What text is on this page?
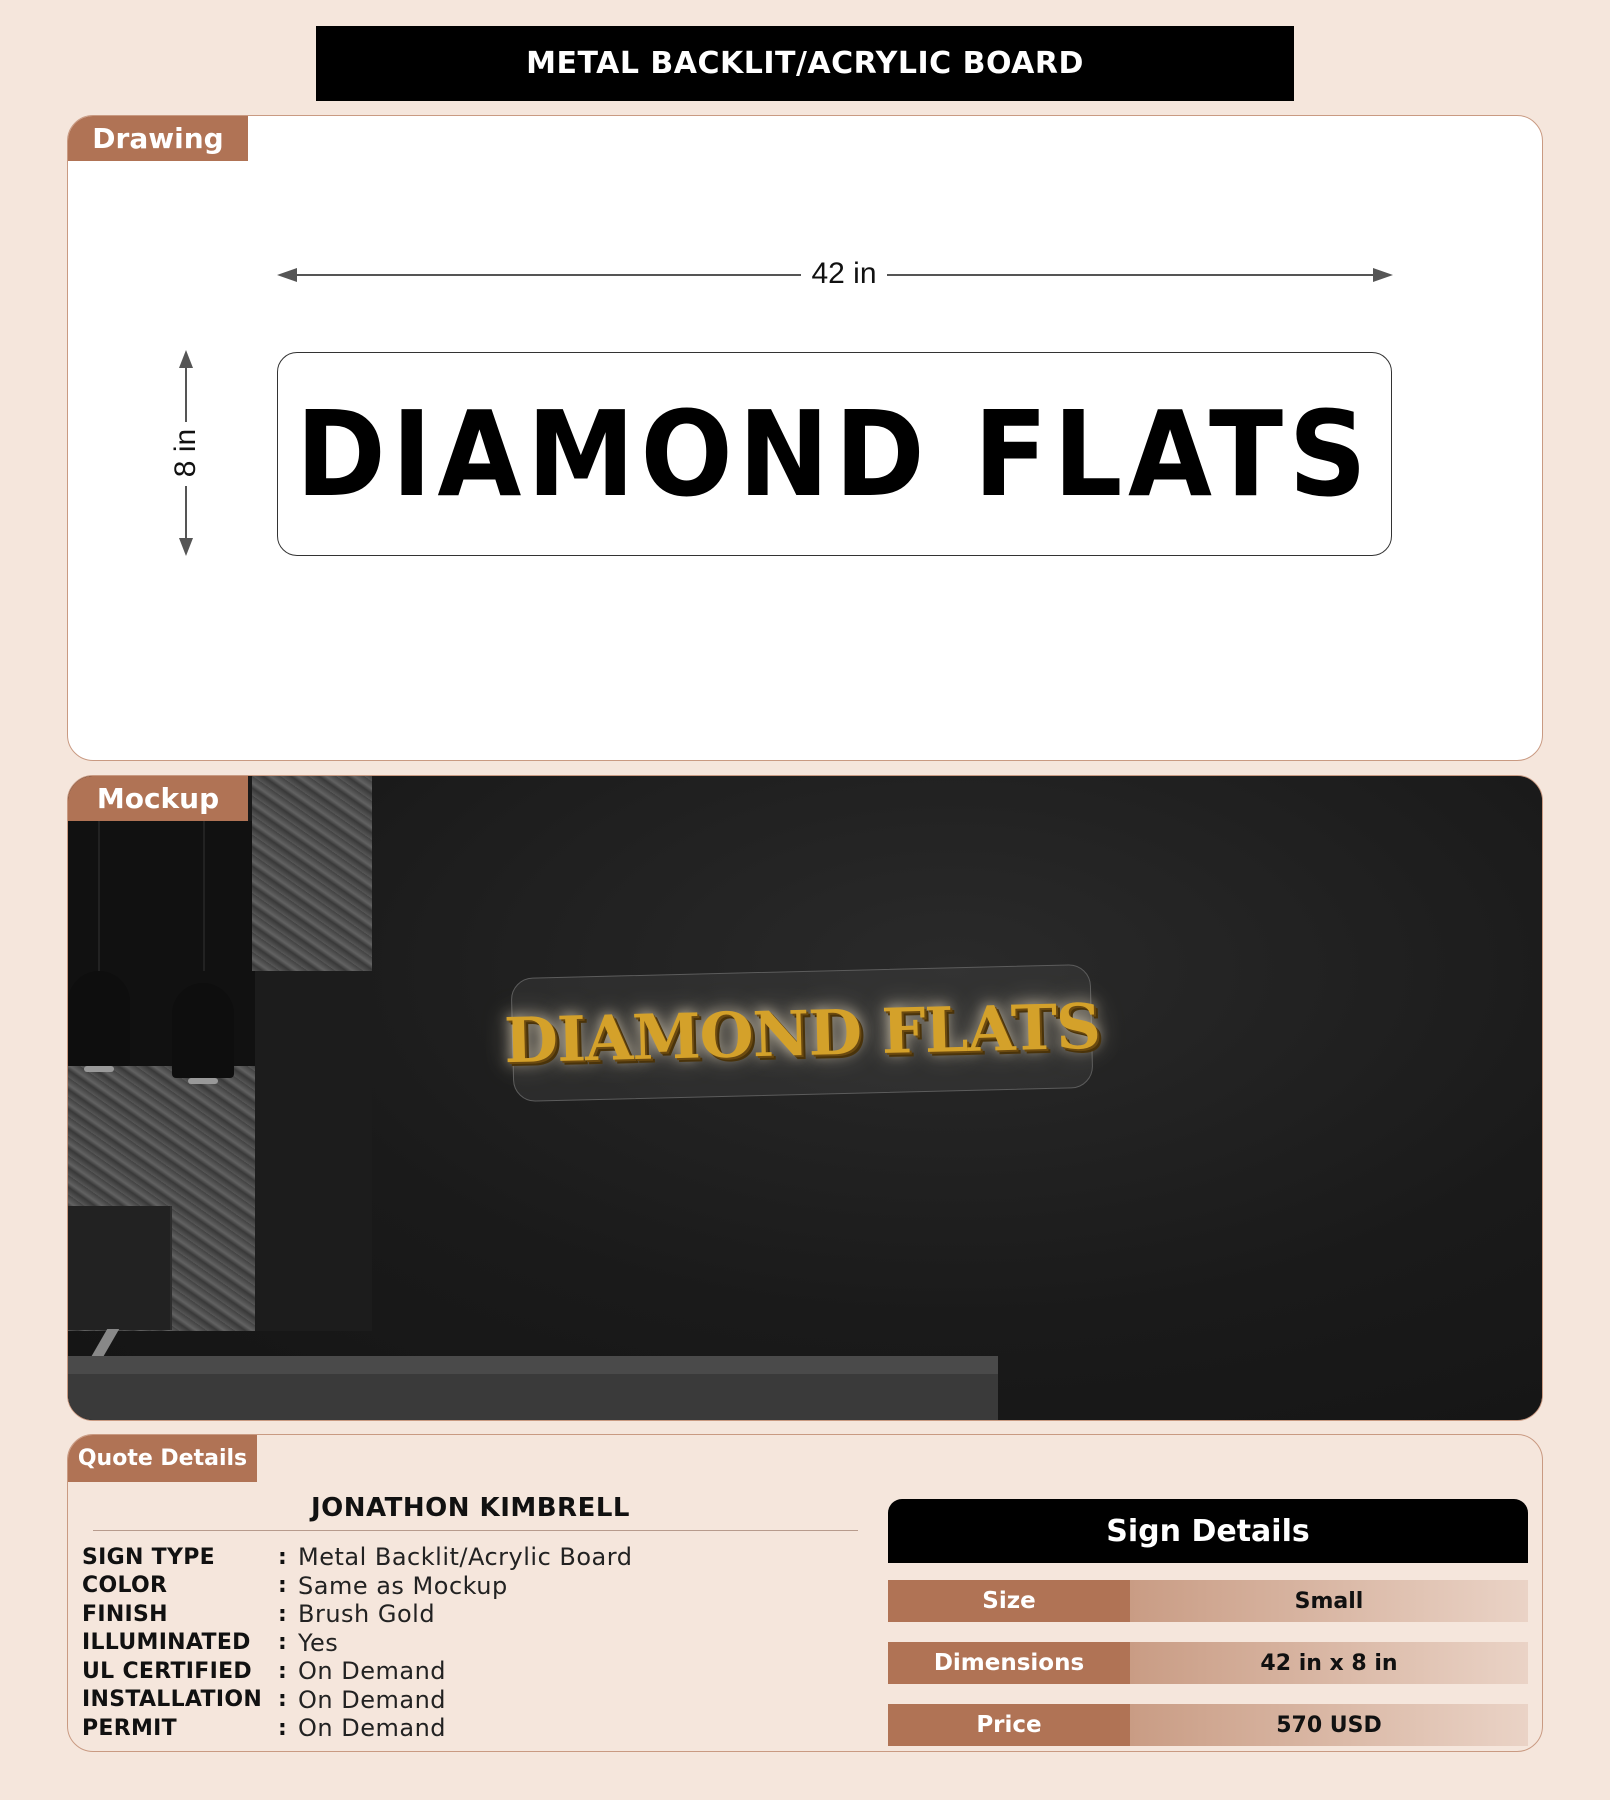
METAL BACKLIT/ACRYLIC BOARD
Drawing
42 in
8 in DIAMOND FLATS
Mockup
DIAMOND FLATS
Quote Details
JONATHON KIMBRELL
SIGN TYPE	: Metal Backlit/Acrylic Board
COLOR	: Same as Mockup
FINISH	: Brush Gold
ILLUMINATED	: Yes
UL CERTIFIED	: On Demand
INSTALLATION : On Demand
PERMIT	: On Demand
Sign Details
Size	Small
Dimensions	42 in x 8 in
Price	570 USD
